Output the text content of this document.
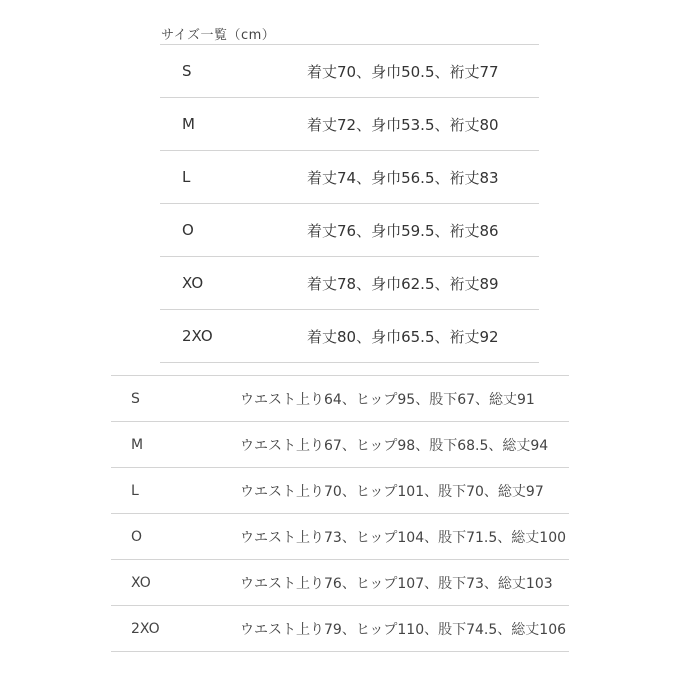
サイズ一覧（cm）
S	着丈70、身巾50.5、裄丈77
M	着丈72、身巾53.5、裄丈80
L	着丈74、身巾56.5、裄丈83
O	着丈76、身巾59.5、裄丈86
XO	着丈78、身巾62.5、裄丈89
2XO	着丈80、身巾65.5、裄丈92
S	ウエスト上り64、ヒップ95、股下67、総丈91
M	ウエスト上り67、ヒップ98、股下68.5、総丈94
L	ウエスト上り70、ヒップ101、股下70、総丈97
O	ウエスト上り73、ヒップ104、股下71.5、総丈100
XO	ウエスト上り76、ヒップ107、股下73、総丈103
2XO	ウエスト上り79、ヒップ110、股下74.5、総丈106
